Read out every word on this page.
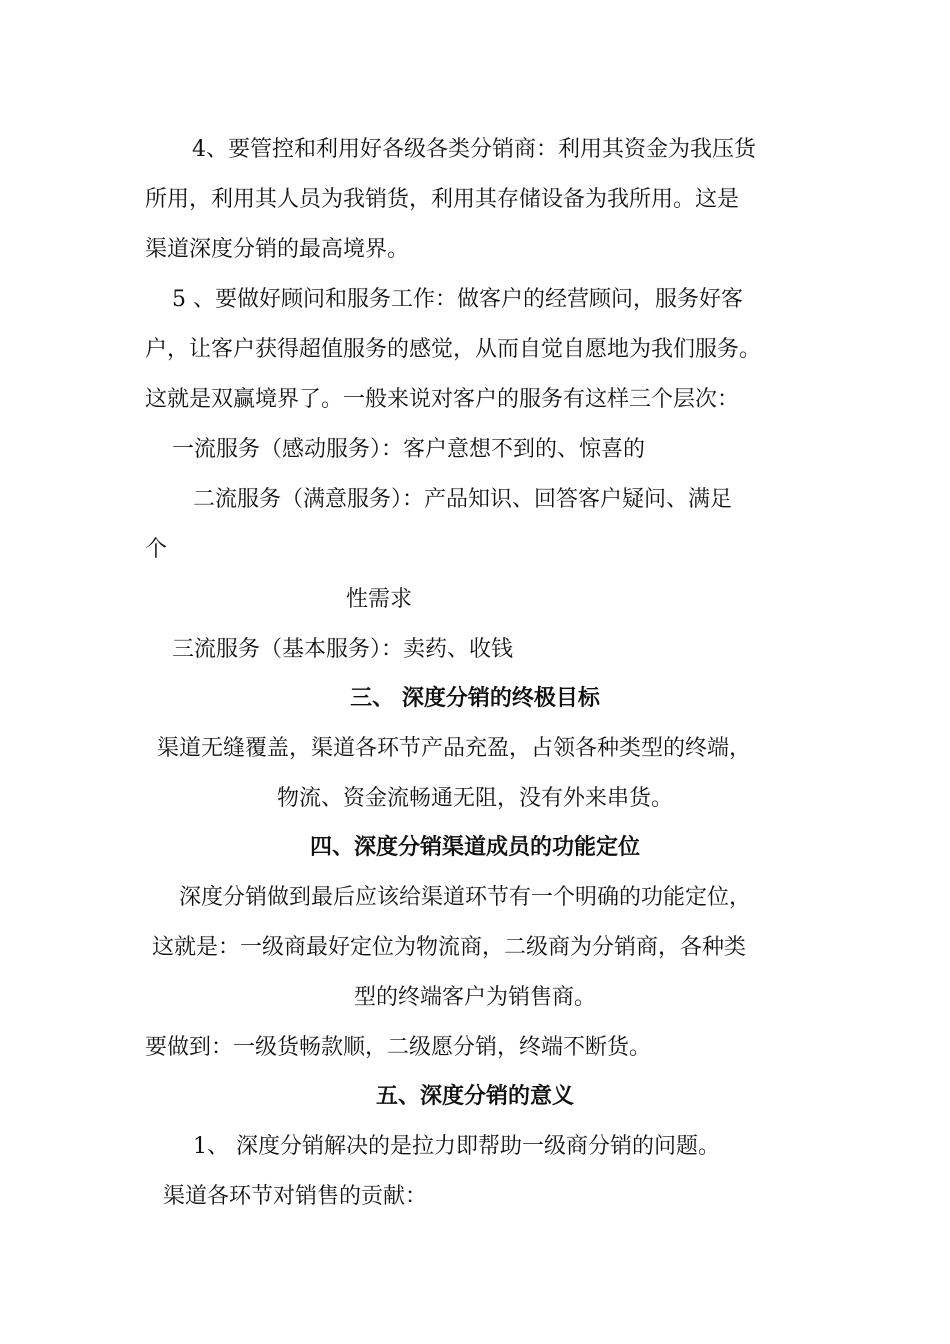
4、要管控和利用好各级各类分销商：利用其资金为我压货
所用，利用其人员为我销货，利用其存储设备为我所用。这是
渠道深度分销的最高境界。
5 、要做好顾问和服务工作：做客户的经营顾问，服务好客
户，让客户获得超值服务的感觉，从而自觉自愿地为我们服务。
这就是双赢境界了。一般来说对客户的服务有这样三个层次：
一流服务（感动服务）：客户意想不到的、惊喜的
二流服务（满意服务）：产品知识、回答客户疑问、满足
个
性需求
三流服务（基本服务）：卖药、收钱
三、 深度分销的终极目标
渠道无缝覆盖，渠道各环节产品充盈，占领各种类型的终端，
物流、资金流畅通无阻，没有外来串货。
四、深度分销渠道成员的功能定位
深度分销做到最后应该给渠道环节有一个明确的功能定位，
这就是：一级商最好定位为物流商，二级商为分销商，各种类
型的终端客户为销售商。
要做到：一级货畅款顺，二级愿分销，终端不断货。
五、深度分销的意义
1、 深度分销解决的是拉力即帮助一级商分销的问题。
渠道各环节对销售的贡献：
